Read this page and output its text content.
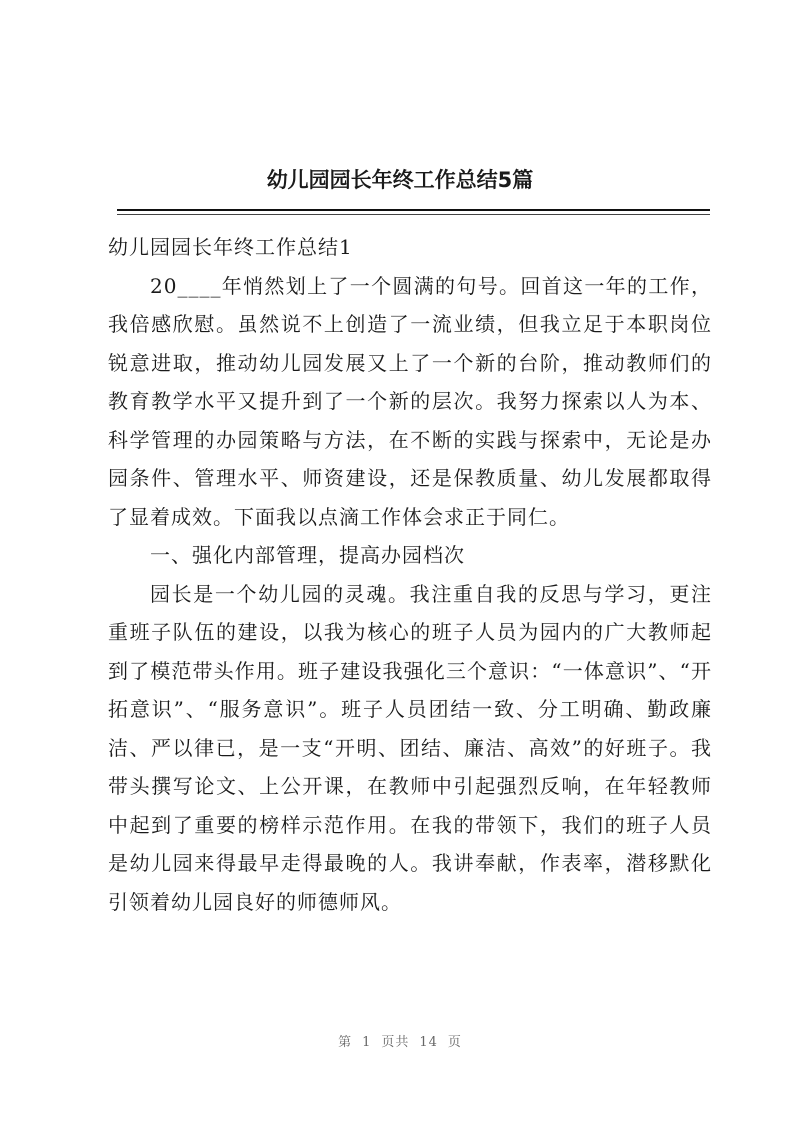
幼儿园园长年终工作总结5篇

幼儿园园长年终工作总结1

20____年悄然划上了一个圆满的句号。回首这一年的工作，我倍感欣慰。虽然说不上创造了一流业绩，但我立足于本职岗位锐意进取，推动幼儿园发展又上了一个新的台阶，推动教师们的教育教学水平又提升到了一个新的层次。我努力探索以人为本、科学管理的办园策略与方法，在不断的实践与探索中，无论是办园条件、管理水平、师资建设，还是保教质量、幼儿发展都取得了显着成效。下面我以点滴工作体会求正于同仁。

一、强化内部管理，提高办园档次

园长是一个幼儿园的灵魂。我注重自我的反思与学习，更注重班子队伍的建设，以我为核心的班子人员为园内的广大教师起到了模范带头作用。班子建设我强化三个意识：“一体意识”、“开拓意识”、“服务意识”。班子人员团结一致、分工明确、勤政廉洁、严以律已，是一支“开明、团结、廉洁、高效”的好班子。我带头撰写论文、上公开课，在教师中引起强烈反响，在年轻教师中起到了重要的榜样示范作用。在我的带领下，我们的班子人员是幼儿园来得最早走得最晚的人。我讲奉献，作表率，潜移默化引领着幼儿园良好的师德师风。

第 1 页共 14 页
